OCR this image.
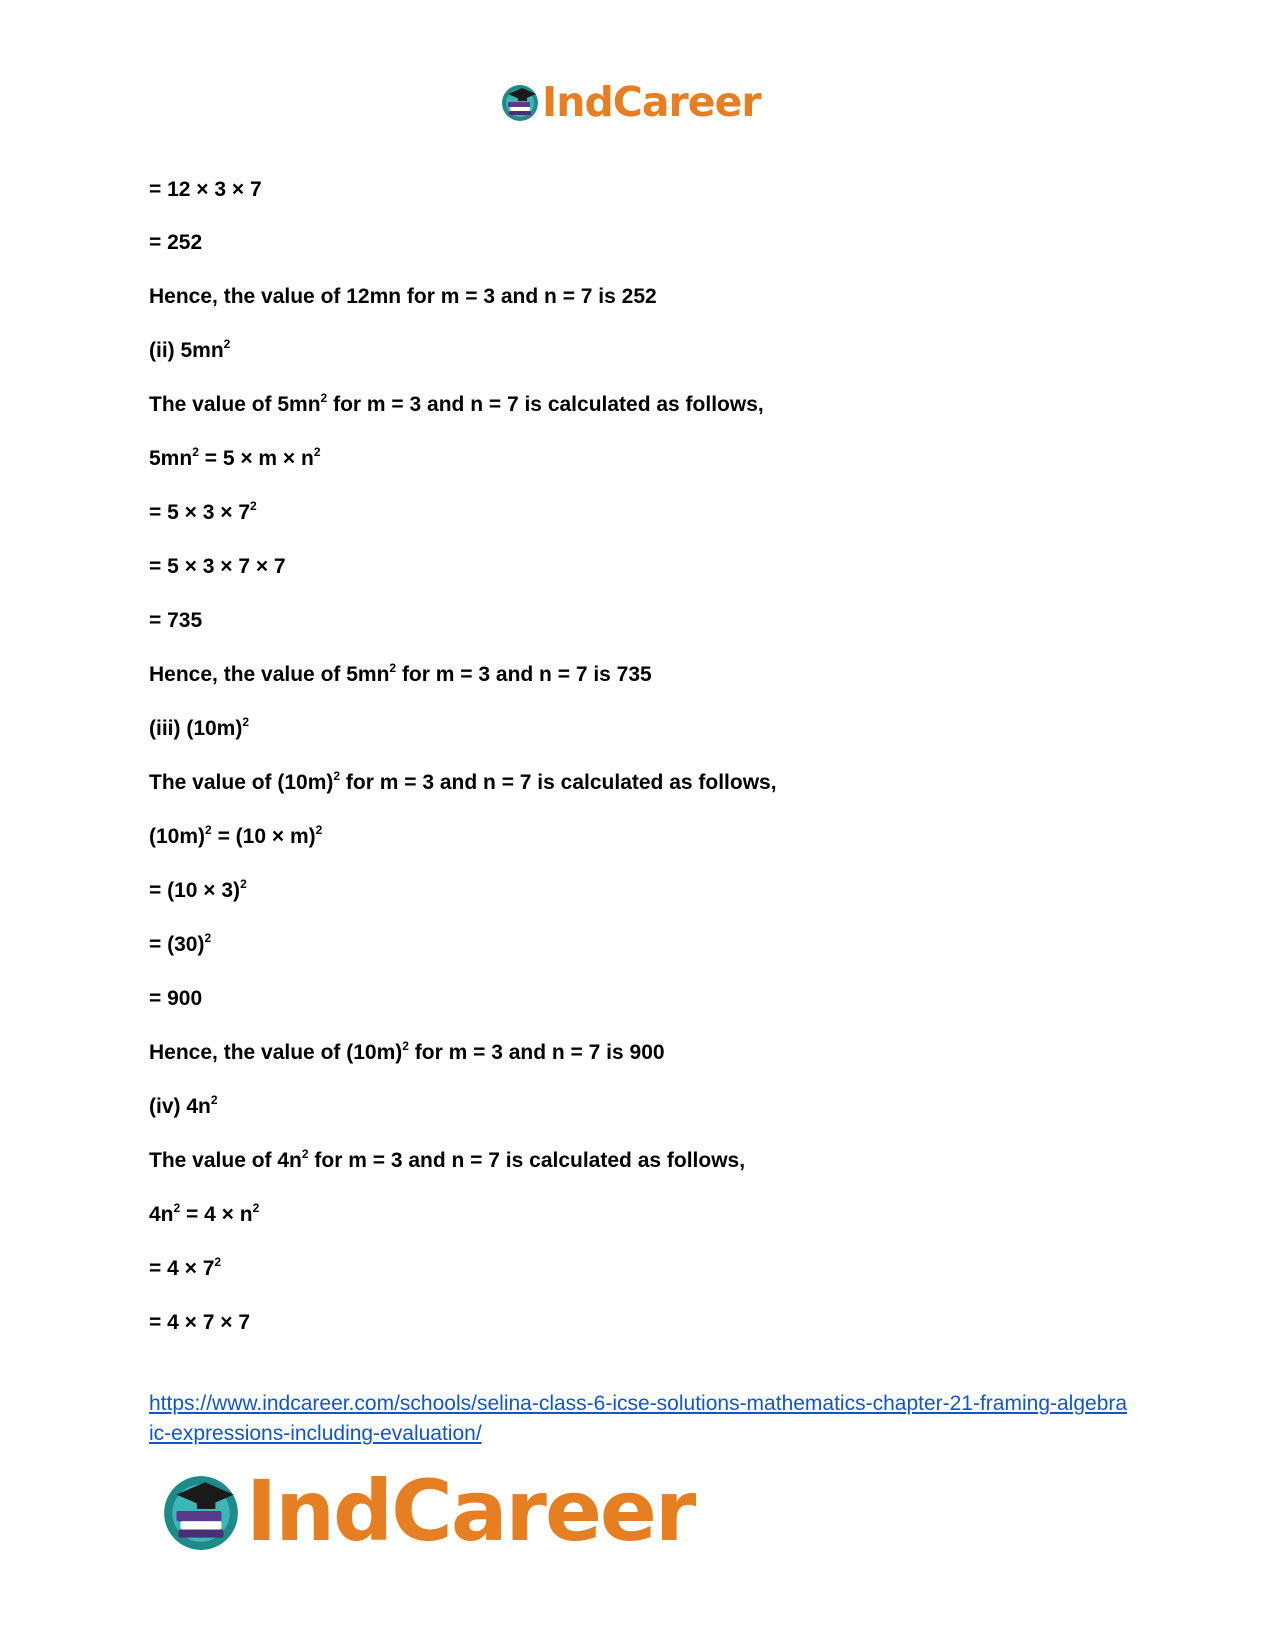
IndCareer
= 12 × 3 × 7
= 252
Hence, the value of 12mn for m = 3 and n = 7 is 252
(ii) $5mn^2$
The value of $5mn^2$ for m = 3 and n = 7 is calculated as follows,
$5mn^2 = 5 \times m \times n^2$
= $5 \times 3 \times 7^2$
= 5 × 3 × 7 × 7
= 735
Hence, the value of $5mn^2$ for m = 3 and n = 7 is 735
(iii) $(10m)^2$
The value of $(10m)^2$ for m = 3 and n = 7 is calculated as follows,
$(10m)^2 = (10 \times m)^2$
= $(10 \times 3)^2$
= $(30)^2$
= 900
Hence, the value of $(10m)^2$ for m = 3 and n = 7 is 900
(iv) $4n^2$
The value of $4n^2$ for m = 3 and n = 7 is calculated as follows,
$4n^2 = 4 \times n^2$
= $4 \times 7^2$
= 4 × 7 × 7
https://www.indcareer.com/schools/selina-class-6-icse-solutions-mathematics-chapter-21-framing-algebraic-expressions-including-evaluation/
IndCareer
